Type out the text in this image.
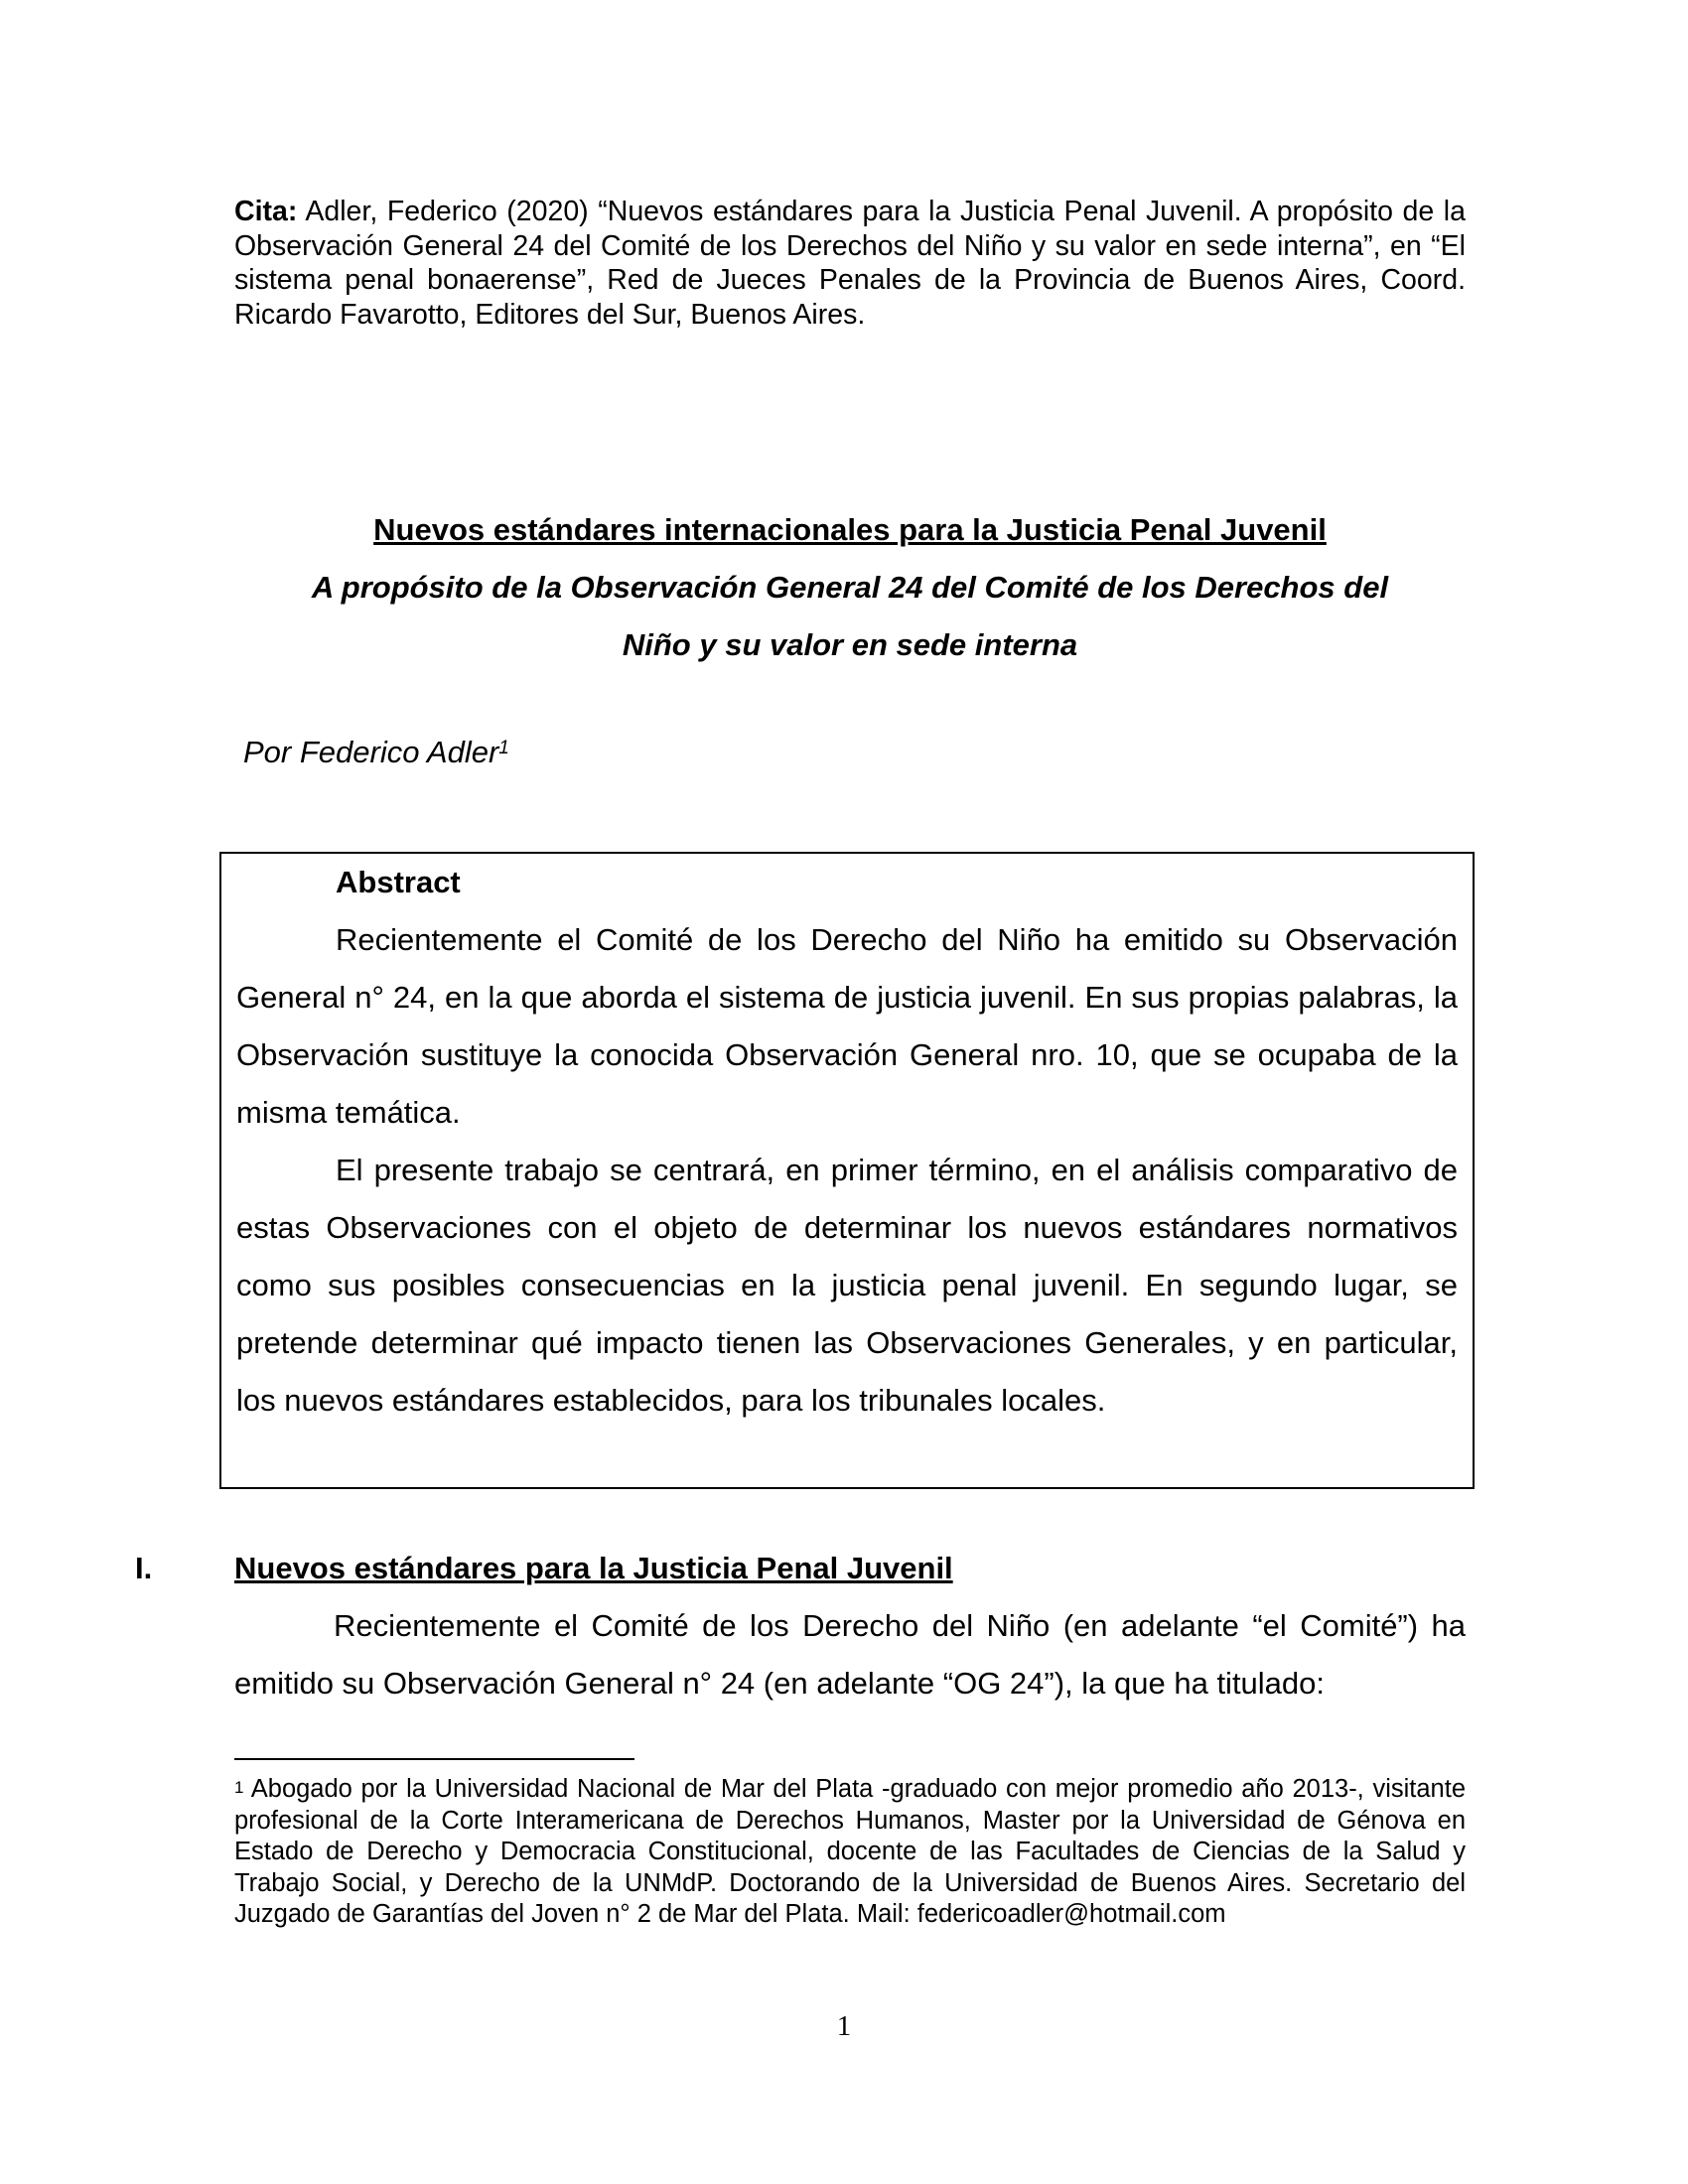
Cita: Adler, Federico (2020) “Nuevos estándares para la Justicia Penal Juvenil. A propósito de la Observación General 24 del Comité de los Derechos del Niño y su valor en sede interna”, en “El sistema penal bonaerense”, Red de Jueces Penales de la Provincia de Buenos Aires, Coord. Ricardo Favarotto, Editores del Sur, Buenos Aires.
Nuevos estándares internacionales para la Justicia Penal Juvenil
A propósito de la Observación General 24 del Comité de los Derechos del
Niño y su valor en sede interna
Por Federico Adler$^1$
Abstract

Recientemente el Comité de los Derecho del Niño ha emitido su Observación General n° 24, en la que aborda el sistema de justicia juvenil. En sus propias palabras, la Observación sustituye la conocida Observación General nro. 10, que se ocupaba de la misma temática.

El presente trabajo se centrará, en primer término, en el análisis comparativo de estas Observaciones con el objeto de determinar los nuevos estándares normativos como sus posibles consecuencias en la justicia penal juvenil. En segundo lugar, se pretende determinar qué impacto tienen las Observaciones Generales, y en particular, los nuevos estándares establecidos, para los tribunales locales.

I.	Nuevos estándares para la Justicia Penal Juvenil

Recientemente el Comité de los Derecho del Niño (en adelante “el Comité”) ha emitido su Observación General n° 24 (en adelante “OG 24”), la que ha titulado:

$^1$ Abogado por la Universidad Nacional de Mar del Plata -graduado con mejor promedio año 2013-, visitante profesional de la Corte Interamericana de Derechos Humanos, Master por la Universidad de Génova en Estado de Derecho y Democracia Constitucional, docente de las Facultades de Ciencias de la Salud y Trabajo Social, y Derecho de la UNMdP. Doctorando de la Universidad de Buenos Aires. Secretario del Juzgado de Garantías del Joven n° 2 de Mar del Plata. Mail: federicoadler@hotmail.com
1
